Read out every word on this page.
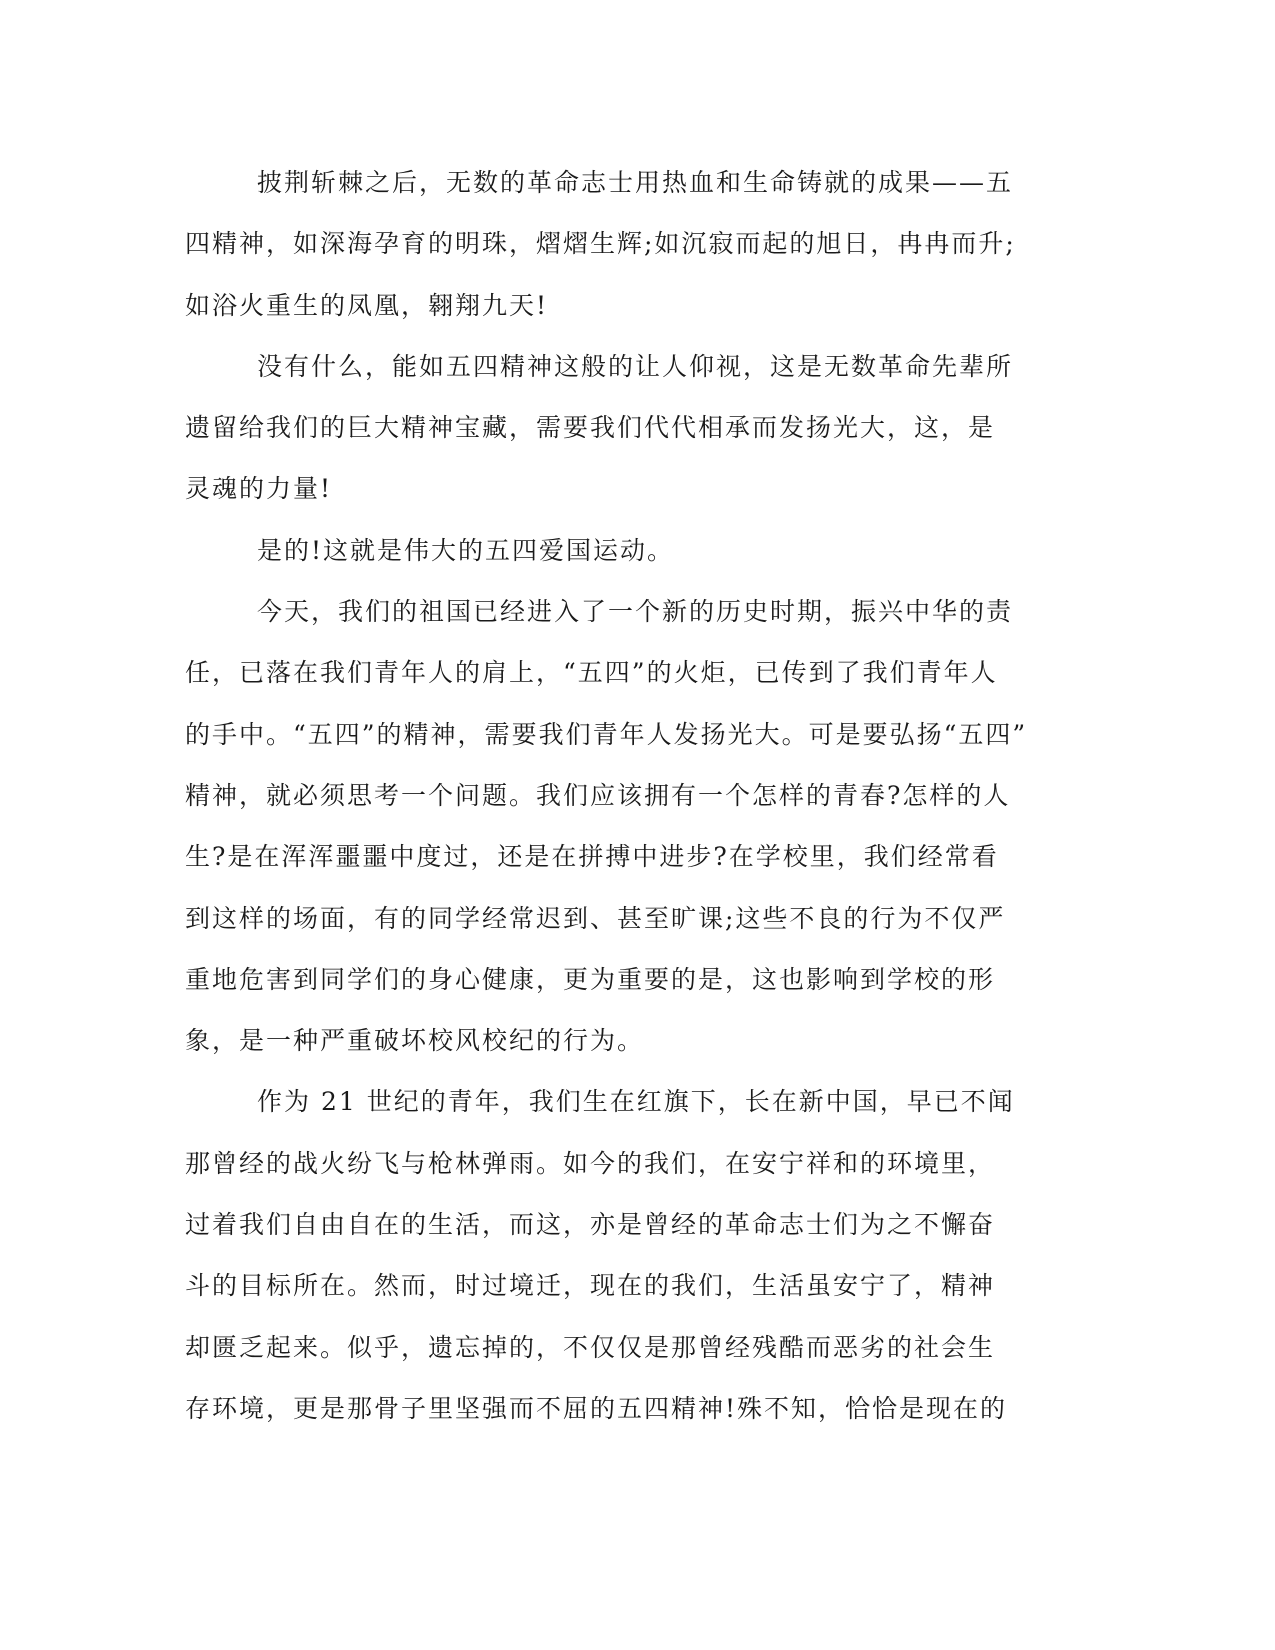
披荆斩棘之后，无数的革命志士用热血和生命铸就的成果——五
四精神，如深海孕育的明珠，熠熠生辉;如沉寂而起的旭日，冉冉而升;
如浴火重生的凤凰，翱翔九天!
没有什么，能如五四精神这般的让人仰视，这是无数革命先辈所
遗留给我们的巨大精神宝藏，需要我们代代相承而发扬光大，这，是
灵魂的力量!
是的!这就是伟大的五四爱国运动。
今天，我们的祖国已经进入了一个新的历史时期，振兴中华的责
任，已落在我们青年人的肩上，“五四”的火炬，已传到了我们青年人
的手中。“五四”的精神，需要我们青年人发扬光大。可是要弘扬“五四”
精神，就必须思考一个问题。我们应该拥有一个怎样的青春?怎样的人
生?是在浑浑噩噩中度过，还是在拼搏中进步?在学校里，我们经常看
到这样的场面，有的同学经常迟到、甚至旷课;这些不良的行为不仅严
重地危害到同学们的身心健康，更为重要的是，这也影响到学校的形
象，是一种严重破坏校风校纪的行为。
作为 21 世纪的青年，我们生在红旗下，长在新中国，早已不闻
那曾经的战火纷飞与枪林弹雨。如今的我们，在安宁祥和的环境里，
过着我们自由自在的生活，而这，亦是曾经的革命志士们为之不懈奋
斗的目标所在。然而，时过境迁，现在的我们，生活虽安宁了，精神
却匮乏起来。似乎，遗忘掉的，不仅仅是那曾经残酷而恶劣的社会生
存环境，更是那骨子里坚强而不屈的五四精神!殊不知，恰恰是现在的
